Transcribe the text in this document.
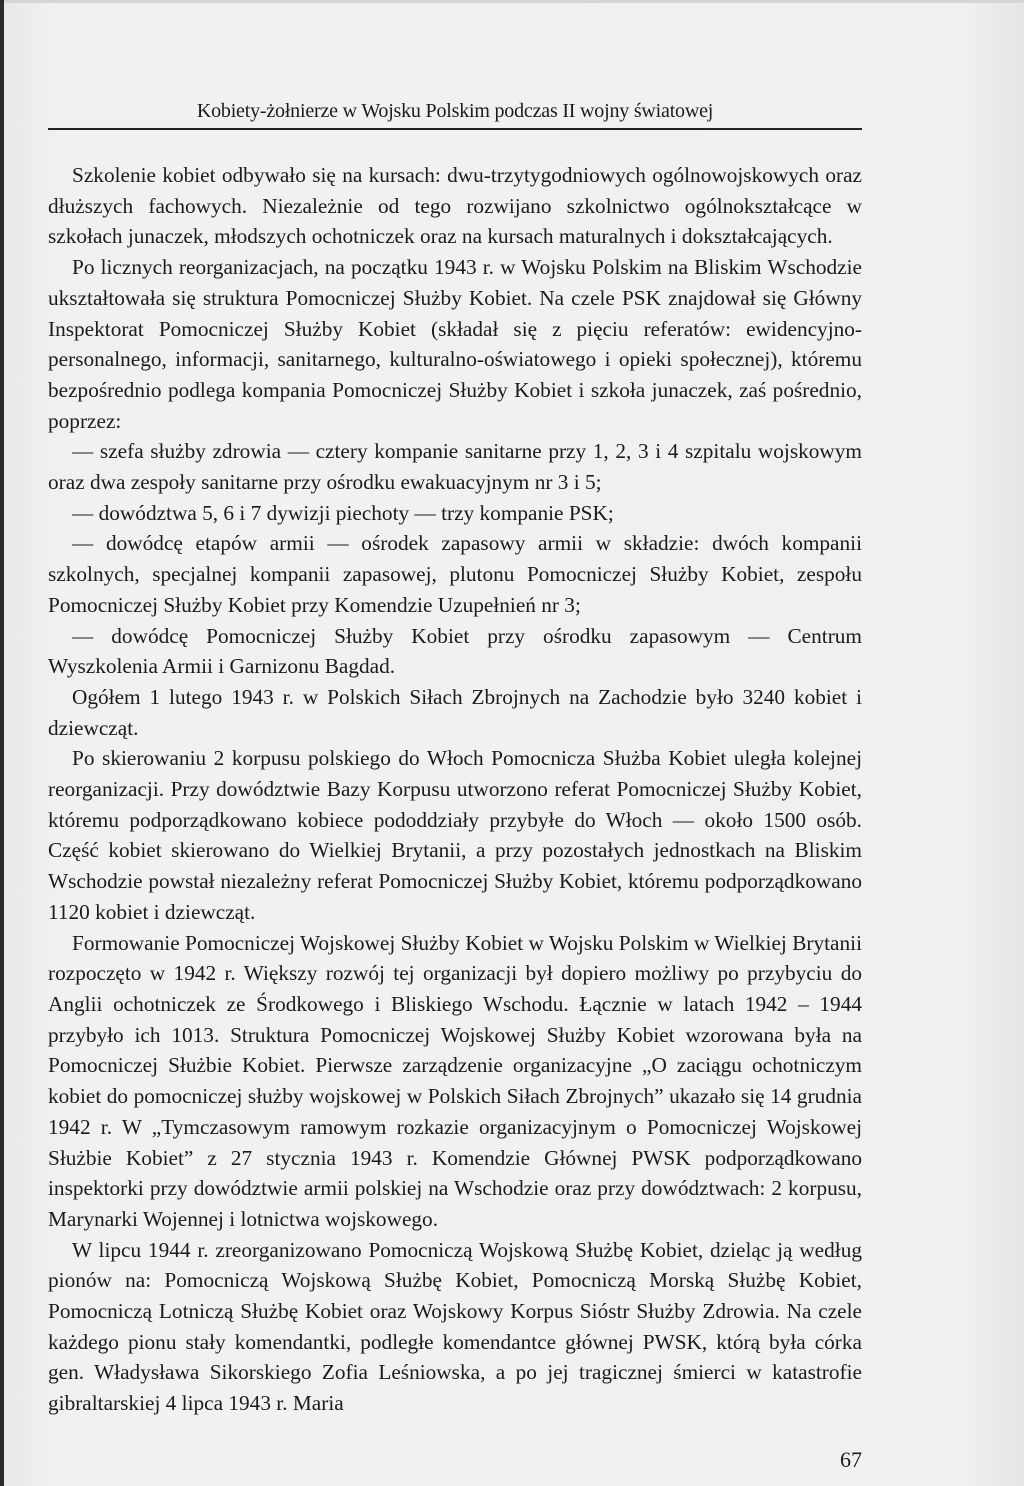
Kobiety-żołnierze w Wojsku Polskim podczas II wojny światowej

Szkolenie kobiet odbywało się na kursach: dwu-trzytygodniowych ogólnowojskowych oraz dłuższych fachowych. Niezależnie od tego rozwijano szkolnictwo ogólnokształcące w szkołach junaczek, młodszych ochotniczek oraz na kursach maturalnych i dokształcających.

Po licznych reorganizacjach, na początku 1943 r. w Wojsku Polskim na Bliskim Wschodzie ukształtowała się struktura Pomocniczej Służby Kobiet. Na czele PSK znajdował się Główny Inspektorat Pomocniczej Służby Kobiet (składał się z pięciu referatów: ewidencyjno-personalnego, informacji, sanitarnego, kulturalno-oświatowego i opieki społecznej), któremu bezpośrednio podlega kompania Pomocniczej Służby Kobiet i szkoła junaczek, zaś pośrednio, poprzez:

— szefa służby zdrowia — cztery kompanie sanitarne przy 1, 2, 3 i 4 szpitalu wojskowym oraz dwa zespoły sanitarne przy ośrodku ewakuacyjnym nr 3 i 5;

— dowództwa 5, 6 i 7 dywizji piechoty — trzy kompanie PSK;

— dowódcę etapów armii — ośrodek zapasowy armii w składzie: dwóch kompanii szkolnych, specjalnej kompanii zapasowej, plutonu Pomocniczej Służby Kobiet, zespołu Pomocniczej Służby Kobiet przy Komendzie Uzupełnień nr 3;

— dowódcę Pomocniczej Służby Kobiet przy ośrodku zapasowym — Centrum Wyszkolenia Armii i Garnizonu Bagdad.

Ogółem 1 lutego 1943 r. w Polskich Siłach Zbrojnych na Zachodzie było 3240 kobiet i dziewcząt.

Po skierowaniu 2 korpusu polskiego do Włoch Pomocnicza Służba Kobiet uległa kolejnej reorganizacji. Przy dowództwie Bazy Korpusu utworzono referat Pomocniczej Służby Kobiet, któremu podporządkowano kobiece pododdziały przybyłe do Włoch — około 1500 osób. Część kobiet skierowano do Wielkiej Brytanii, a przy pozostałych jednostkach na Bliskim Wschodzie powstał niezależny referat Pomocniczej Służby Kobiet, któremu podporządkowano 1120 kobiet i dziewcząt.

Formowanie Pomocniczej Wojskowej Służby Kobiet w Wojsku Polskim w Wielkiej Brytanii rozpoczęto w 1942 r. Większy rozwój tej organizacji był dopiero możliwy po przybyciu do Anglii ochotniczek ze Środkowego i Bliskiego Wschodu. Łącznie w latach 1942 – 1944 przybyło ich 1013. Struktura Pomocniczej Wojskowej Służby Kobiet wzorowana była na Pomocniczej Służbie Kobiet. Pierwsze zarządzenie organizacyjne „O zaciągu ochotniczym kobiet do pomocniczej służby wojskowej w Polskich Siłach Zbrojnych” ukazało się 14 grudnia 1942 r. W „Tymczasowym ramowym rozkazie organizacyjnym o Pomocniczej Wojskowej Służbie Kobiet” z 27 stycznia 1943 r. Komendzie Głównej PWSK podporządkowano inspektorki przy dowództwie armii polskiej na Wschodzie oraz przy dowództwach: 2 korpusu, Marynarki Wojennej i lotnictwa wojskowego.

W lipcu 1944 r. zreorganizowano Pomocniczą Wojskową Służbę Kobiet, dzieląc ją według pionów na: Pomocniczą Wojskową Służbę Kobiet, Pomocniczą Morską Służbę Kobiet, Pomocniczą Lotniczą Służbę Kobiet oraz Wojskowy Korpus Sióstr Służby Zdrowia. Na czele każdego pionu stały komendantki, podległe komendantce głównej PWSK, którą była córka gen. Władysława Sikorskiego Zofia Leśniowska, a po jej tragicznej śmierci w katastrofie gibraltarskiej 4 lipca 1943 r. Maria

67
